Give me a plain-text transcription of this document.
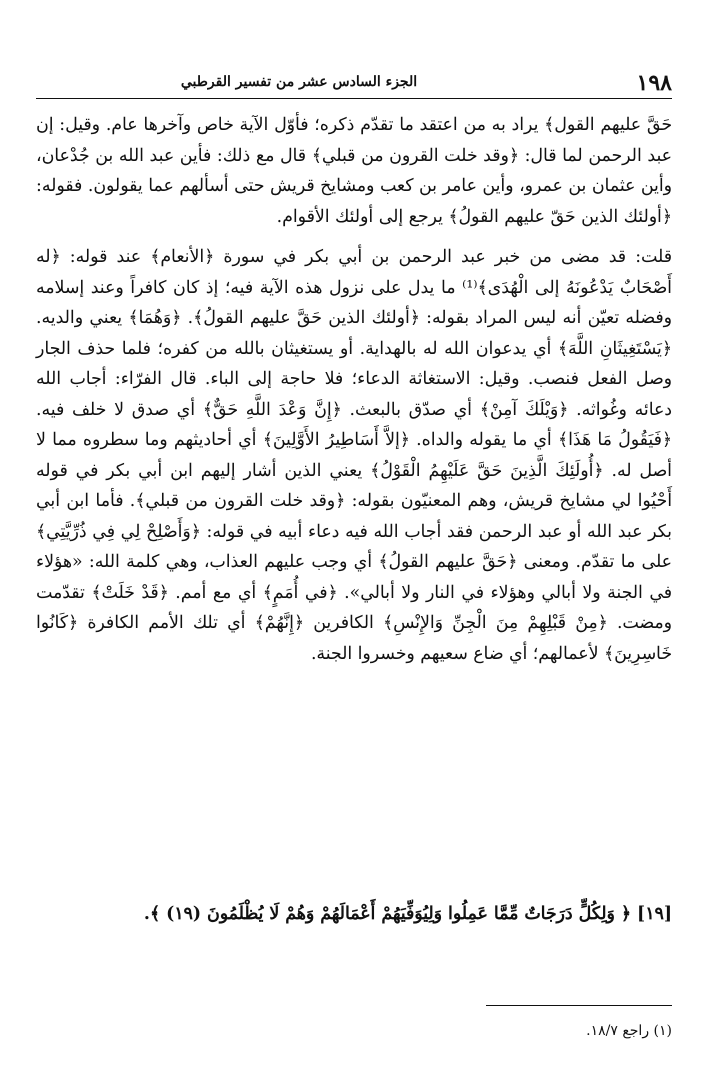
١٩٨
الجزء السادس عشر من تفسير القرطبي

حَقَّ عليهم القول﴾ يراد به من اعتقد ما تقدّم ذكره؛ فأوّل الآية خاص وآخرها عام. وقيل: إن عبد الرحمن لما قال: ﴿وقد خلت القرون من قبلي﴾ قال مع ذلك: فأين عبد الله بن جُدْعان، وأين عثمان بن عمرو، وأين عامر بن كعب ومشايخ قريش حتى أسألهم عما يقولون. فقوله: ﴿أولئك الذين حَقّ عليهم القولُ﴾ يرجع إلى أولئك الأقوام.

قلت: قد مضى من خبر عبد الرحمن بن أبي بكر في سورة ﴿الأنعام﴾ عند قوله: ﴿له أَصْحَابٌ يَدْعُونَهُ إلى الْهُدَى﴾⁽¹⁾ ما يدل على نزول هذه الآية فيه؛ إذ كان كافراً وعند إسلامه وفضله تعيّن أنه ليس المراد بقوله: ﴿أولئك الذين حَقَّ عليهم القولُ﴾. ﴿وَهُمَا﴾ يعني والديه. ﴿يَسْتَغِيثَانِ اللَّهَ﴾ أي يدعوان الله له بالهداية. أو يستغيثان بالله من كفره؛ فلما حذف الجار وصل الفعل فنصب. وقيل: الاستغاثة الدعاء؛ فلا حاجة إلى الباء. قال الفرّاء: أجاب الله دعائه وغُواثه. ﴿وَيْلَكَ آمِنْ﴾ أي صدّق بالبعث. ﴿إِنَّ وَعْدَ اللَّهِ حَقٌّ﴾ أي صدق لا خلف فيه. ﴿فَيَقُولُ مَا هَذَا﴾ أي ما يقوله والداه. ﴿إلاَّ أَسَاطِيرُ الأَوَّلِينَ﴾ أي أحاديثهم وما سطروه مما لا أصل له. ﴿أُولَئِكَ الَّذِينَ حَقَّ عَلَيْهِمُ الْقَوْلُ﴾ يعني الذين أشار إليهم ابن أبي بكر في قوله أَحْيُوا لي مشايخ قريش، وهم المعنيّون بقوله: ﴿وقد خلت القرون من قبلي﴾. فأما ابن أبي بكر عبد الله أو عبد الرحمن فقد أجاب الله فيه دعاء أبيه في قوله: ﴿وَأَصْلِحْ لِي فِي ذُرِّيَّتِي﴾ على ما تقدّم. ومعنى ﴿حَقَّ عليهم القولُ﴾ أي وجب عليهم العذاب، وهي كلمة الله: «هؤلاء في الجنة ولا أبالي وهؤلاء في النار ولا أبالي». ﴿في أُمَمٍ﴾ أي مع أمم. ﴿قَدْ خَلَتْ﴾ تقدّمت ومضت. ﴿مِنْ قَبْلِهِمْ مِنَ الْجِنِّ وَالإِنْسِ﴾ الكافرين ﴿إِنَّهُمْ﴾ أي تلك الأمم الكافرة ﴿كَانُوا خَاسِرِينَ﴾ لأعمالهم؛ أي ضاع سعيهم وخسروا الجنة.

[١٩] ﴿ وَلِكُلٍّ دَرَجَاتٌ مِّمَّا عَمِلُوا وَلِيُوَفِّيَهُمْ أَعْمَالَهُمْ وَهُمْ لَا يُظْلَمُونَ (١٩) ﴾.
(١) راجع ١٨/٧.
